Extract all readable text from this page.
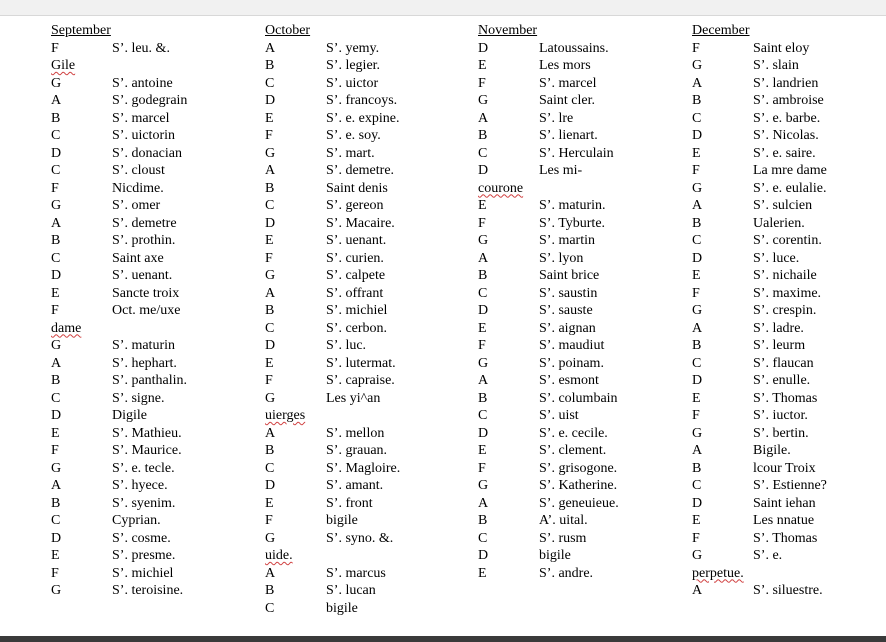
September
F	S’. leu. &.
Gile
G	S’. antoine
A	S’. godegrain
B	S’. marcel
C	S’. uictorin
D	S’. donacian
C	S’. cloust
F	Nicdime.
G	S’. omer
A	S’. demetre
B	S’. prothin.
C	Saint axe
D	S’. uenant.
E	Sancte troix
F	Oct. me/uxe
dame
G	S’. maturin
A	S’. hephart.
B	S’. panthalin.
C	S’. signe.
D	Digile
E	S’. Mathieu.
F	S’. Maurice.
G	S’. e. tecle.
A	S’. hyece.
B	S’. syenim.
C	Cyprian.
D	S’. cosme.
E	S’. presme.
F	S’. michiel
G	S’. teroisine.
October
A	S’. yemy.
B	S’. legier.
C	S’. uictor
D	S’. francoys.
E	S’. e. expine.
F	S’. e. soy.
G	S’. mart.
A	S’. demetre.
B	Saint denis
C	S’. gereon
D	S’. Macaire.
E	S’. uenant.
F	S’. curien.
G	S’. calpete
A	S’. offrant
B	S’. michiel
C	S’. cerbon.
D	S’. luc.
E	S’. lutermat.
F	S’. capraise.
G	Les yi^an
uierges
A	S’. mellon
B	S’. grauan.
C	S’. Magloire.
D	S’. amant.
E	S’. front
F	bigile
G	S’. syno. &.
uide.
A	S’. marcus
B	S’. lucan
C	bigile
November
D	Latoussains.
E	Les mors
F	S’. marcel
G	Saint cler.
A	S’. lre
B	S’. lienart.
C	S’. Herculain
D	Les mi-
courone
E	S’. maturin.
F	S’. Tyburte.
G	S’. martin
A	S’. lyon
B	Saint brice
C	S’. saustin
D	S’. sauste
E	S’. aignan
F	S’. maudiut
G	S’. poinam.
A	S’. esmont
B	S’. columbain
C	S’. uist
D	S’. e. cecile.
E	S’. clement.
F	S’. grisogone.
G	S’. Katherine.
A	S’. geneuieue.
B	A’. uital.
C	S’. rusm
D	bigile
E	S’. andre.
December
F	Saint eloy
G	S’. slain
A	S’. landrien
B	S’. ambroise
C	S’. e. barbe.
D	S’. Nicolas.
E	S’. e. saire.
F	La mre dame
G	S’. e. eulalie.
A	S’. sulcien
B	Ualerien.
C	S’. corentin.
D	S’. luce.
E	S’. nichaile
F	S’. maxime.
G	S’. crespin.
A	S’. ladre.
B	S’. leurm
C	S’. flaucan
D	S’. enulle.
E	S’. Thomas
F	S’. iuctor.
G	S’. bertin.
A	Bigile.
B	lcour Troix
C	S’. Estienne?
D	Saint iehan
E	Les nnatue
F	S’. Thomas
G	S’. e.
perpetue.
A	S’. siluestre.
